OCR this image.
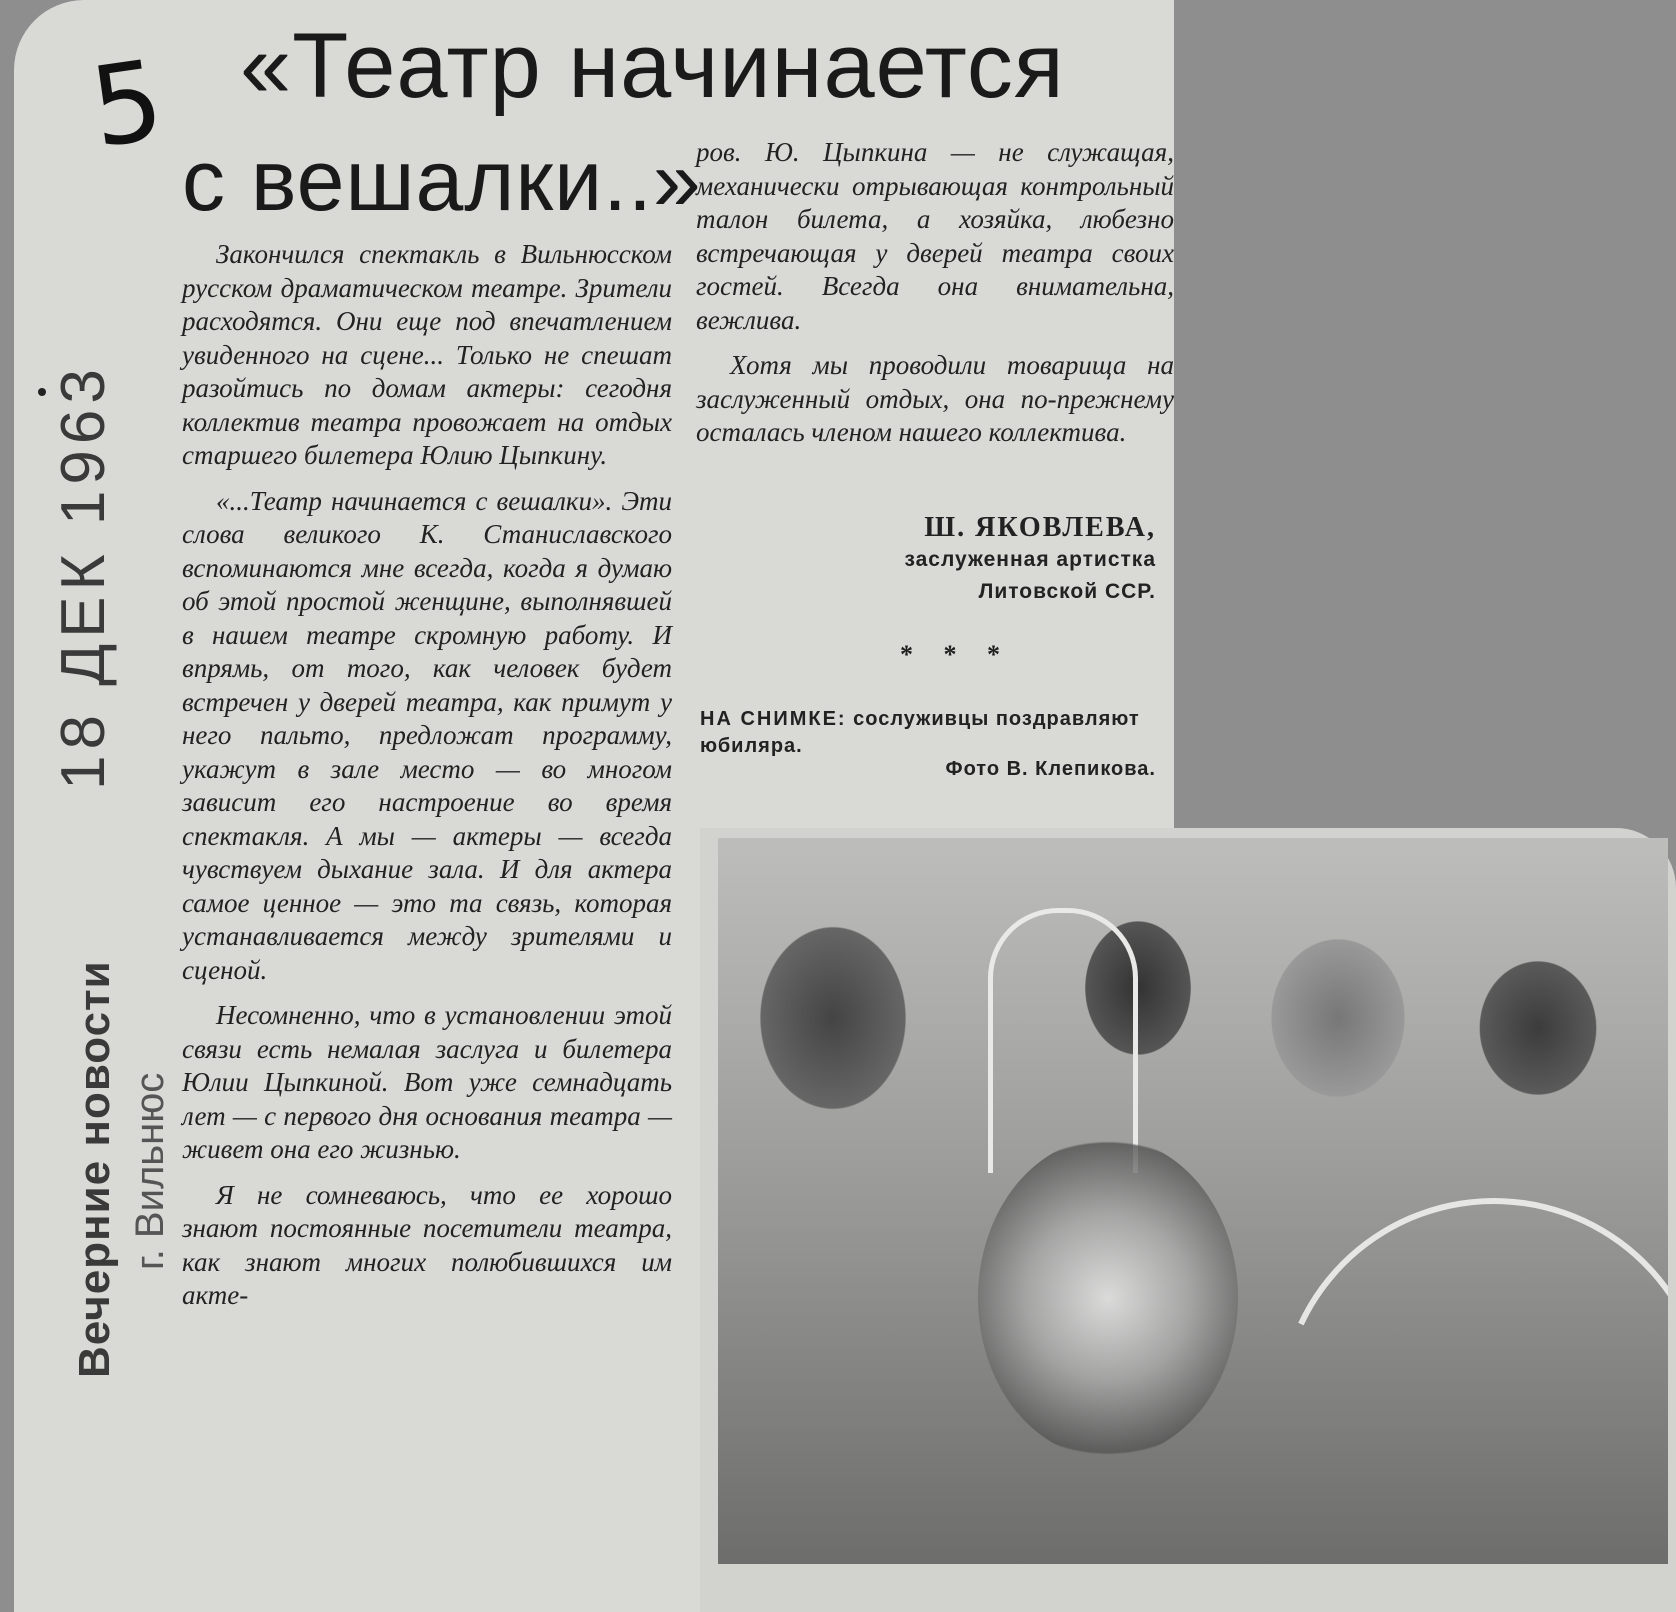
5
18 ДЕК 1963
Вечерние новости г. Вильнюс
«Театр начинается
с вешалки..»

Закончился спектакль в Вильнюсском русском драматическом театре. Зрители расходятся. Они еще под впечатлением увиденного на сцене... Только не спешат разойтись по домам актеры: сегодня коллектив театра провожает на отдых старшего билетера Юлию Цыпкину.

«...Театр начинается с вешалки». Эти слова великого К. Станиславского вспоминаются мне всегда, когда я думаю об этой простой женщине, выполнявшей в нашем театре скромную работу. И впрямь, от того, как человек будет встречен у дверей театра, как примут у него пальто, предложат программу, укажут в зале место — во многом зависит его настроение во время спектакля. А мы — актеры — всегда чувствуем дыхание зала. И для актера самое ценное — это та связь, которая устанавливается между зрителями и сценой.

Несомненно, что в установлении этой связи есть немалая заслуга и билетера Юлии Цыпкиной. Вот уже семнадцать лет — с первого дня основания театра — живет она его жизнью.

Я не сомневаюсь, что ее хорошо знают постоянные посетители театра, как знают многих полюбившихся им акте-

ров. Ю. Цыпкина — не служащая, механически отрывающая контрольный талон билета, а хозяйка, любезно встречающая у дверей театра своих гостей. Всегда она внимательна, вежлива.

Хотя мы проводили товарища на заслуженный отдых, она по-прежнему осталась членом нашего коллектива.

Ш. ЯКОВЛЕВА,
заслуженная артистка
Литовской ССР.
* * *
НА СНИМКЕ: сослуживцы поздравляют юбиляра.
Фото В. Клепикова.
